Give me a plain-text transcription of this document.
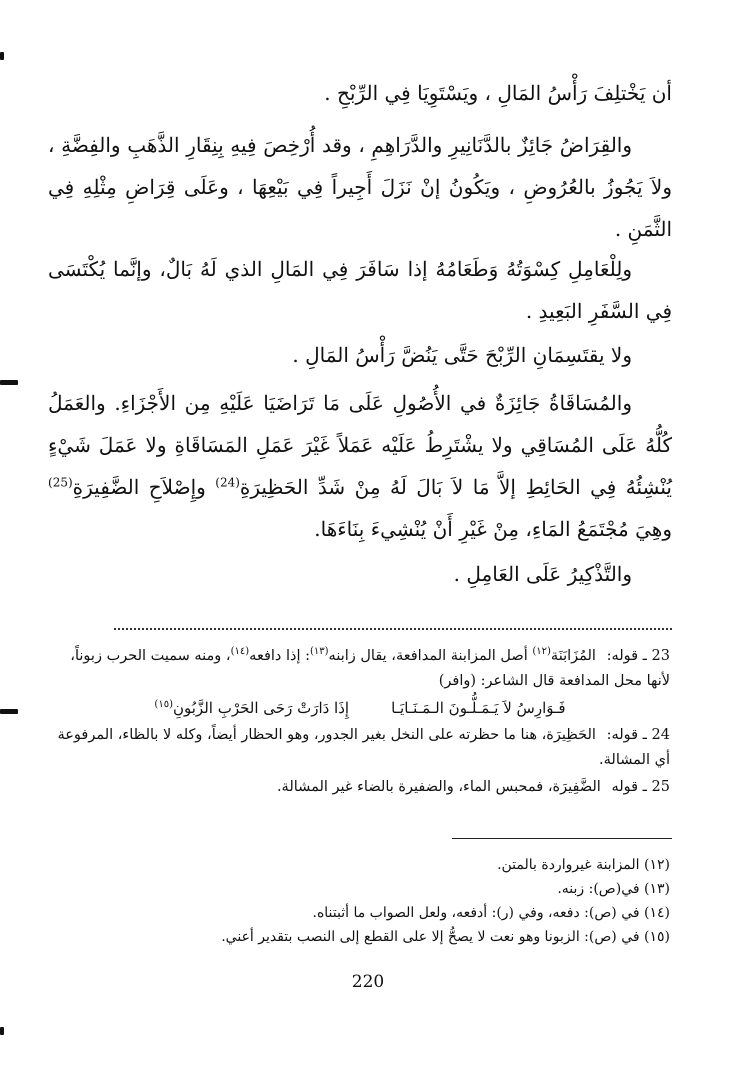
أن يَخْتلِفَ رَأْسُ المَالِ ، ويَسْتَوِيَا فِي الرِّبْحِ .

والقِرَاضُ جَائِزٌ بالدَّنَانِيرِ والدَّرَاهِمِ ، وقد أُرْخِصَ فِيهِ بِنِقَارِ الذَّهَبِ والفِضَّةِ ، ولاَ يَجُوزُ بالعُرُوضِ ، ويَكُونُ إنْ نَزَلَ أَجِيراً فِي بَيْعِهَا ، وعَلَى قِرَاضِ مِثْلِهِ فِي الثَّمَنِ .

ولِلْعَامِلِ كِسْوَتُهُ وَطَعَامُهُ إذا سَافَرَ فِي المَالِ الذي لَهُ بَالٌ، وإنَّما يُكْتَسَى فِي السَّفَرِ البَعِيدِ .

ولا يقتَسِمَانِ الرِّبْحَ حَتَّى يَنُضَّ رَأْسُ المَالِ .

والمُسَاقَاةُ جَائِزَةٌ في الأُصُولِ عَلَى مَا تَرَاضَيَا عَلَيْهِ مِن الأَجْزَاءِ. والعَمَلُ كُلُّهُ عَلَى المُسَاقِي ولا يشْتَرِطُ عَلَيْه عَمَلاً غَيْرَ عَمَلِ المَسَاقَاةِ ولا عَمَلَ شَيْءٍ يُنْشِئُهُ فِي الحَائِطِ إلاَّ مَا لاَ بَالَ لَهُ مِنْ شَدِّ الحَظِيرَةِ$^{(24)}$ وإِصْلاَحِ الضَّفِيرَةِ$^{(25)}$ وهِيَ مُجْتَمَعُ المَاءِ، مِنْ غَيْرِ أَنْ يُنْشِيءَ بِنَاءَهَا.

والتَّذْكِيرُ عَلَى العَامِلِ .

23 ـ قوله: المُزَابَنَة$^{(١٢)}$ أصل المزابنة المدافعة، يقال زابنه$^{(١٣)}$: إذا دافعه$^{(١٤)}$، ومنه سميت الحرب زبوناً، لأنها محل المدافعة قال الشاعر: (وافر)

فَـوَارِسُ لاَ يَـمَـلُّـونَ الـمَـنَـايَـا
إِذَا دَارَتْ رَحَى الحَرْبِ الزَّبُونِ$^{(١٥)}$

24 ـ قوله: الحَظِيرَة، هنا ما حظرته على النخل بغير الجدور، وهو الحظار أيضاً، وكله لا بالظاء، المرفوعة أي المشالة.

25 ـ قوله الضَّفِيرَة، فمحبس الماء، والضفيرة بالضاء غير المشالة.

(١٢) المزابنة غيرواردة بالمتن.

(١٣) في(ص): زبنه.

(١٤) في (ص): دفعه، وفي (ر): أدفعه، ولعل الصواب ما أثبتناه.

(١٥) في (ص): الزبونا وهو نعت لا يصحُّ إلا على القطع إلى النصب بتقدير أعني.

220
